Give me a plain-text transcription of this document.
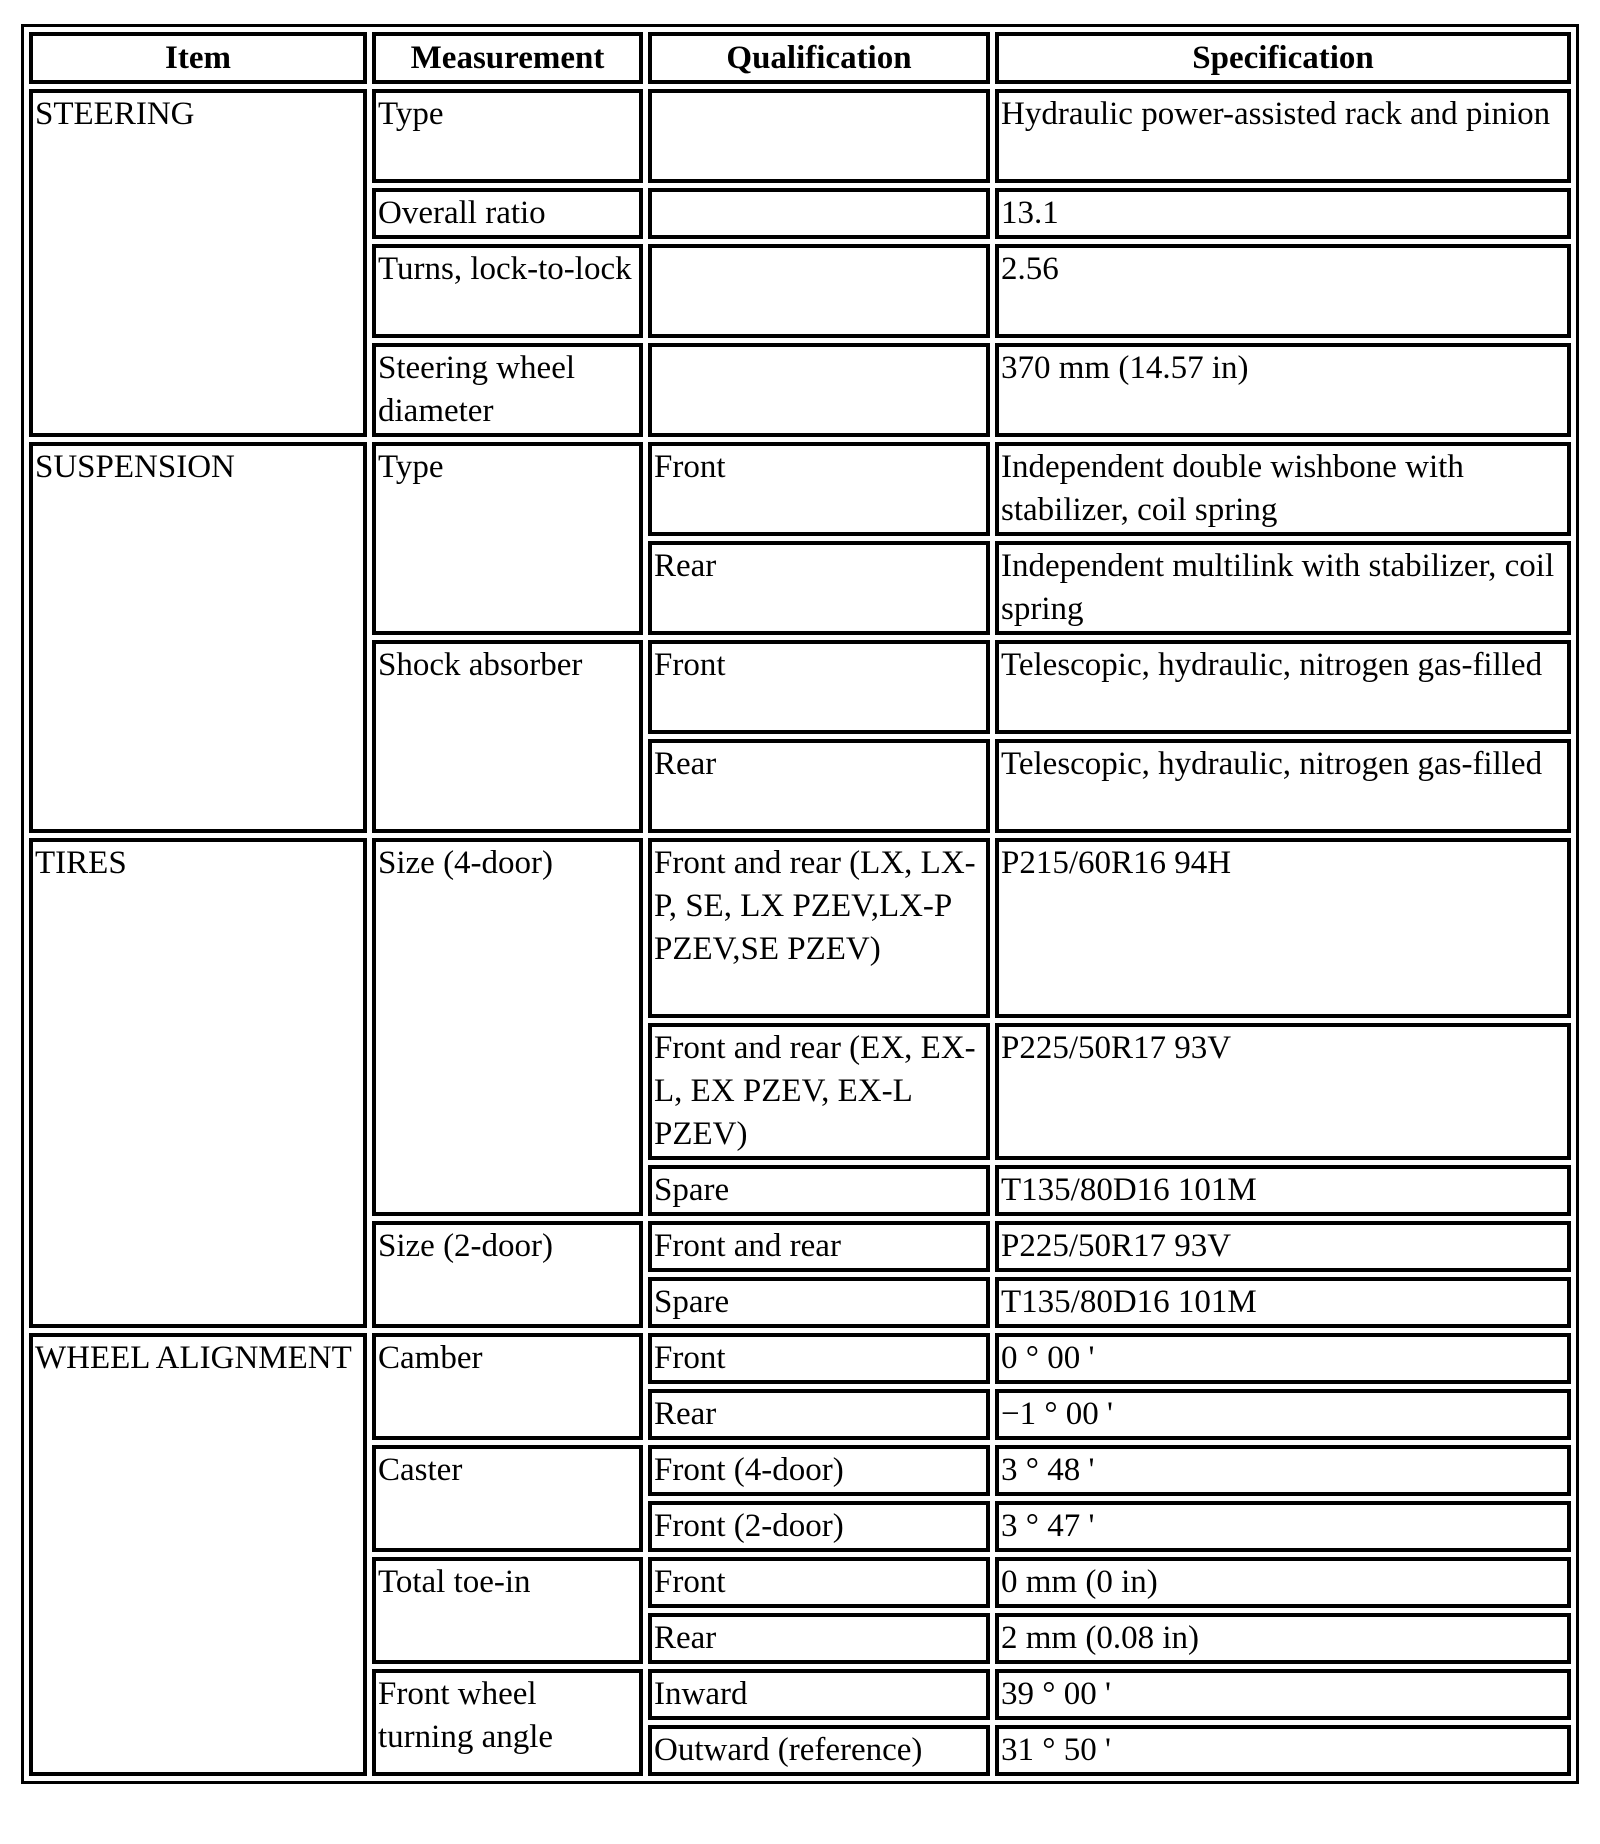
Item	Measurement	Qualification	Specification
STEERING	Type		Hydraulic power-assisted rack and pinion
	Overall ratio		13.1
	Turns, lock-to-lock		2.56
	Steering wheel diameter		370 mm (14.57 in)
SUSPENSION	Type	Front	Independent double wishbone with stabilizer, coil spring
		Rear	Independent multilink with stabilizer, coil spring
	Shock absorber	Front	Telescopic, hydraulic, nitrogen gas-filled
		Rear	Telescopic, hydraulic, nitrogen gas-filled
TIRES	Size (4-door)	Front and rear (LX, LX-P, SE, LX PZEV,LX-P PZEV,SE PZEV)	P215/60R16 94H
		Front and rear (EX, EX-L, EX PZEV, EX-L PZEV)	P225/50R17 93V
		Spare	T135/80D16 101M
	Size (2-door)	Front and rear	P225/50R17 93V
		Spare	T135/80D16 101M
WHEEL ALIGNMENT	Camber	Front	0 ° 00 '
		Rear	−1 ° 00 '
	Caster	Front (4-door)	3 ° 48 '
		Front (2-door)	3 ° 47 '
	Total toe-in	Front	0 mm (0 in)
		Rear	2 mm (0.08 in)
	Front wheel turning angle	Inward	39 ° 00 '
		Outward (reference)	31 ° 50 '
